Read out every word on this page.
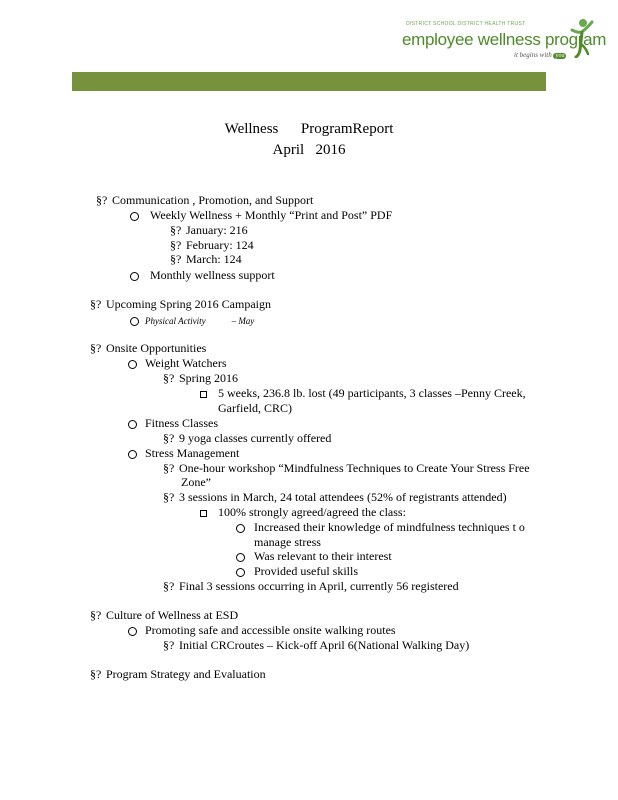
DISTRICT SCHOOL DISTRICT HEALTH TRUST
employee wellness program
it begins with you
Wellness      ProgramReport
April   2016
§? Communication , Promotion, and Support
Weekly Wellness + Monthly “Print and Post” PDF
§? January: 216
§? February: 124
§? March: 124
Monthly wellness support
§? Upcoming Spring 2016 Campaign
Physical Activity	– May
§? Onsite Opportunities
Weight Watchers
§? Spring 2016
5 weeks, 236.8 lb. lost (49 participants, 3 classes –Penny Creek,
Garfield, CRC)
Fitness Classes
§? 9 yoga classes currently offered
Stress Management
§? One-hour workshop “Mindfulness Techniques to Create Your Stress Free
Zone”
§? 3 sessions in March, 24 total attendees (52% of registrants attended)
100% strongly agreed/agreed the class:
Increased their knowledge of mindfulness techniques t o
manage stress
Was relevant to their interest
Provided useful skills
§? Final 3 sessions occurring in April, currently 56 registered
§? Culture of Wellness at ESD
Promoting safe and accessible onsite walking routes
§? Initial CRCroutes – Kick-off April 6(National Walking Day)
§? Program Strategy and Evaluation
